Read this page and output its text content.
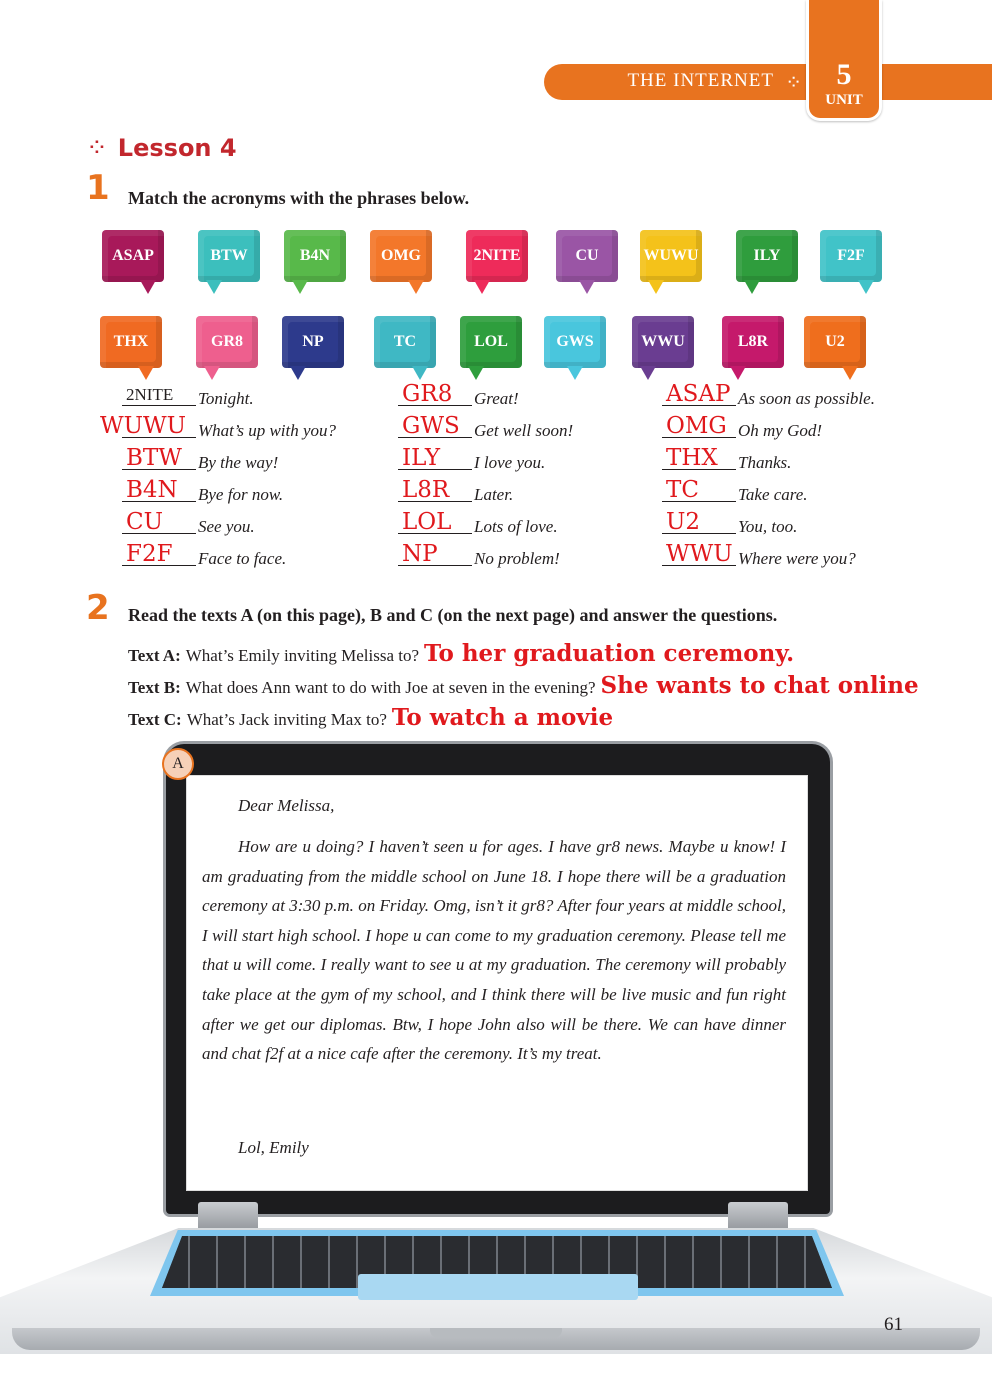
THE INTERNET ⁘	5
UNIT
⁘ Lesson 4
1 Match the acronyms with the phrases below.
ASAP	BTW	B4N	OMG	2NITE	CU	WUWU	ILY	F2F
THX	GR8	NP	TC	LOL	GWS	WWU	L8R	U2
2NITE Tonight.
WUWU What’s up with you?
BTW By the way!
B4N Bye for now.
CU See you.
F2F Face to face.
GR8 Great!
GWS Get well soon!
ILY I love you.
L8R Later.
LOL Lots of love.
NP No problem!
ASAP As soon as possible.
OMG Oh my God!
THX Thanks.
TC Take care.
U2 You, too.
WWU Where were you?
2 Read the texts A (on this page), B and C (on the next page) and answer the questions.
Text A: What’s Emily inviting Melissa to? To her graduation ceremony.
Text B: What does Ann want to do with Joe at seven in the evening? She wants to chat online
Text C: What’s Jack inviting Max to? To watch a movie
A
Dear Melissa,
How are u doing? I haven’t seen u for ages. I have gr8 news. Maybe u know! I am graduating from the middle school on June 18. I hope there will be a graduation ceremony at 3:30 p.m. on Friday. Omg, isn’t it gr8? After four years at middle school, I will start high school. I hope u can come to my graduation ceremony. Please tell me that u will come. I really want to see u at my graduation. The ceremony will probably take place at the gym of my school, and I think there will be live music and fun right after we get our diplomas. Btw, I hope John also will be there. We can have dinner and chat f2f at a nice cafe after the ceremony. It’s my treat.
Lol, Emily
61
